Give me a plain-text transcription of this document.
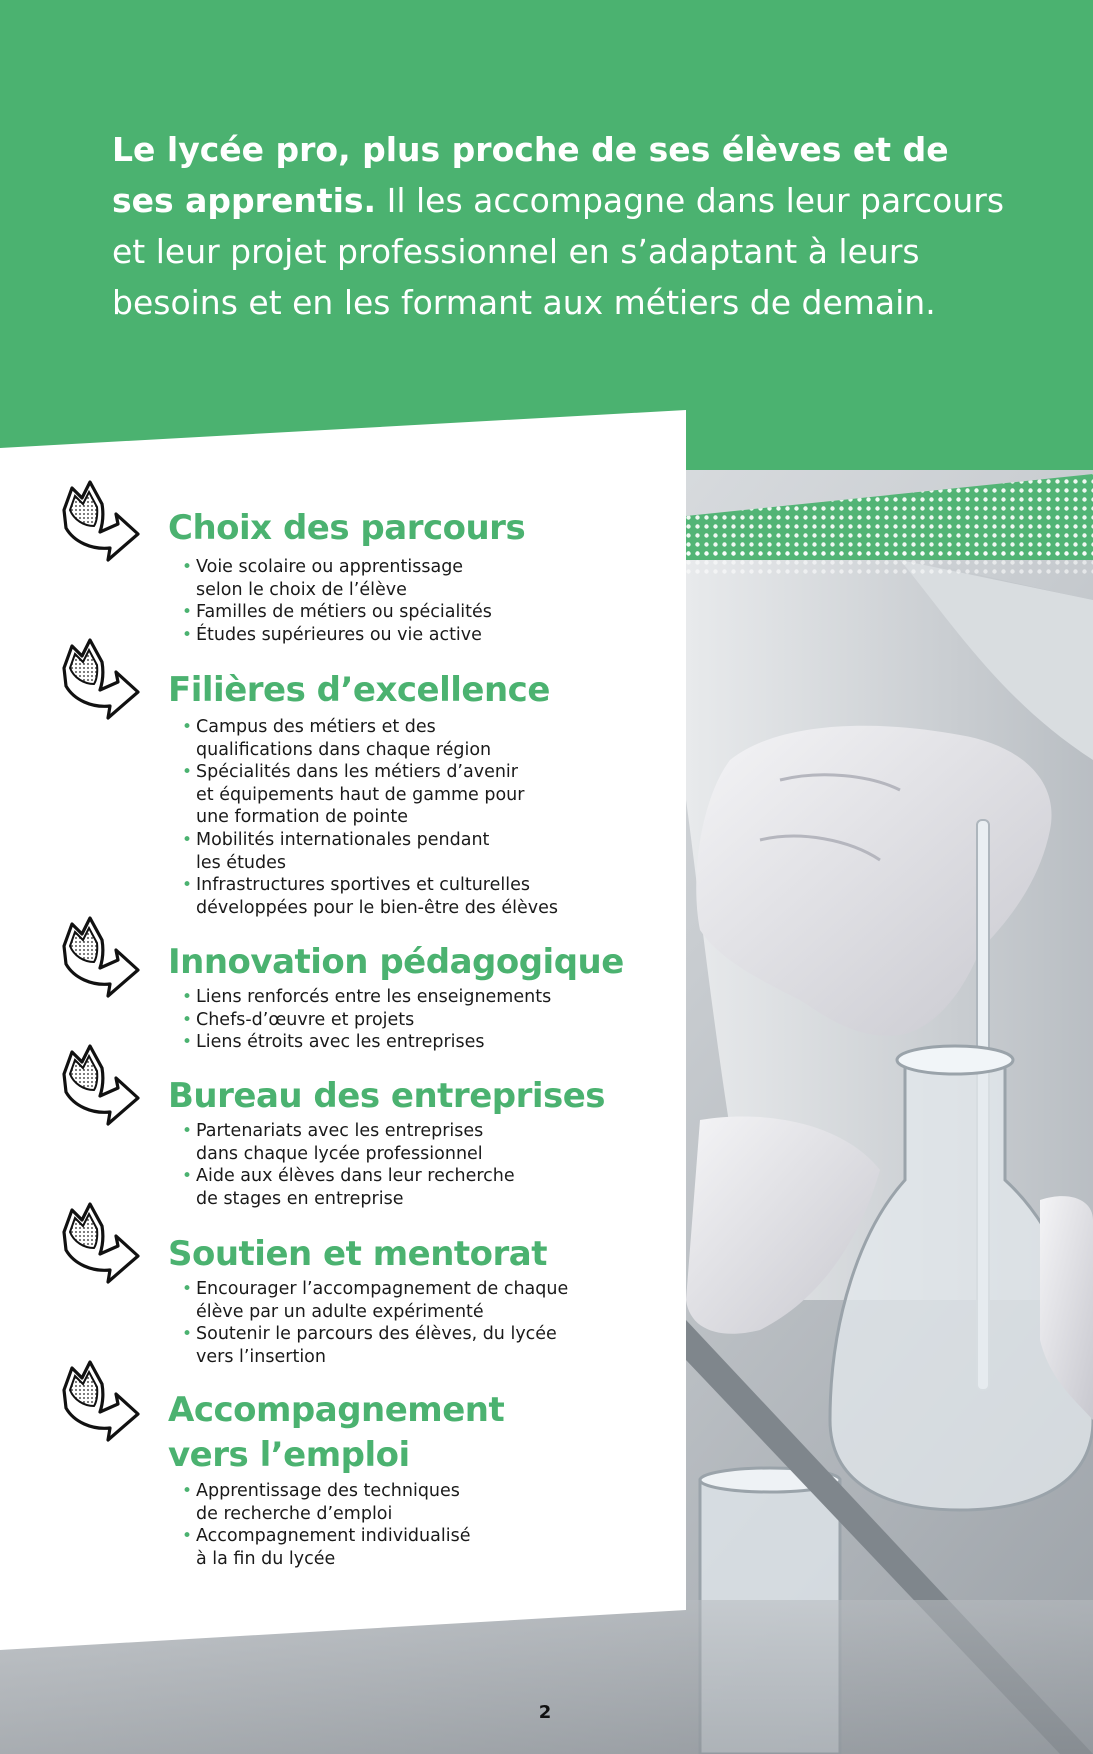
Le lycée pro, plus proche de ses élèves et de ses apprentis. Il les accompagne dans leur parcours et leur projet professionnel en s’adaptant à leurs besoins et en les formant aux métiers de demain.

Choix des parcours
• Voie scolaire ou apprentissage
selon le choix de l’élève
• Familles de métiers ou spécialités
• Études supérieures ou vie active
Filières d’excellence
• Campus des métiers et des
qualifications dans chaque région
• Spécialités dans les métiers d’avenir
et équipements haut de gamme pour
une formation de pointe
• Mobilités internationales pendant
les études
• Infrastructures sportives et culturelles
développées pour le bien-être des élèves
Innovation pédagogique
• Liens renforcés entre les enseignements
• Chefs-d’œuvre et projets
• Liens étroits avec les entreprises
Bureau des entreprises
• Partenariats avec les entreprises
dans chaque lycée professionnel
• Aide aux élèves dans leur recherche
de stages en entreprise
Soutien et mentorat
• Encourager l’accompagnement de chaque
élève par un adulte expérimenté
• Soutenir le parcours des élèves, du lycée
vers l’insertion
Accompagnement
vers l’emploi
• Apprentissage des techniques
de recherche d’emploi
• Accompagnement individualisé
à la fin du lycée
2
